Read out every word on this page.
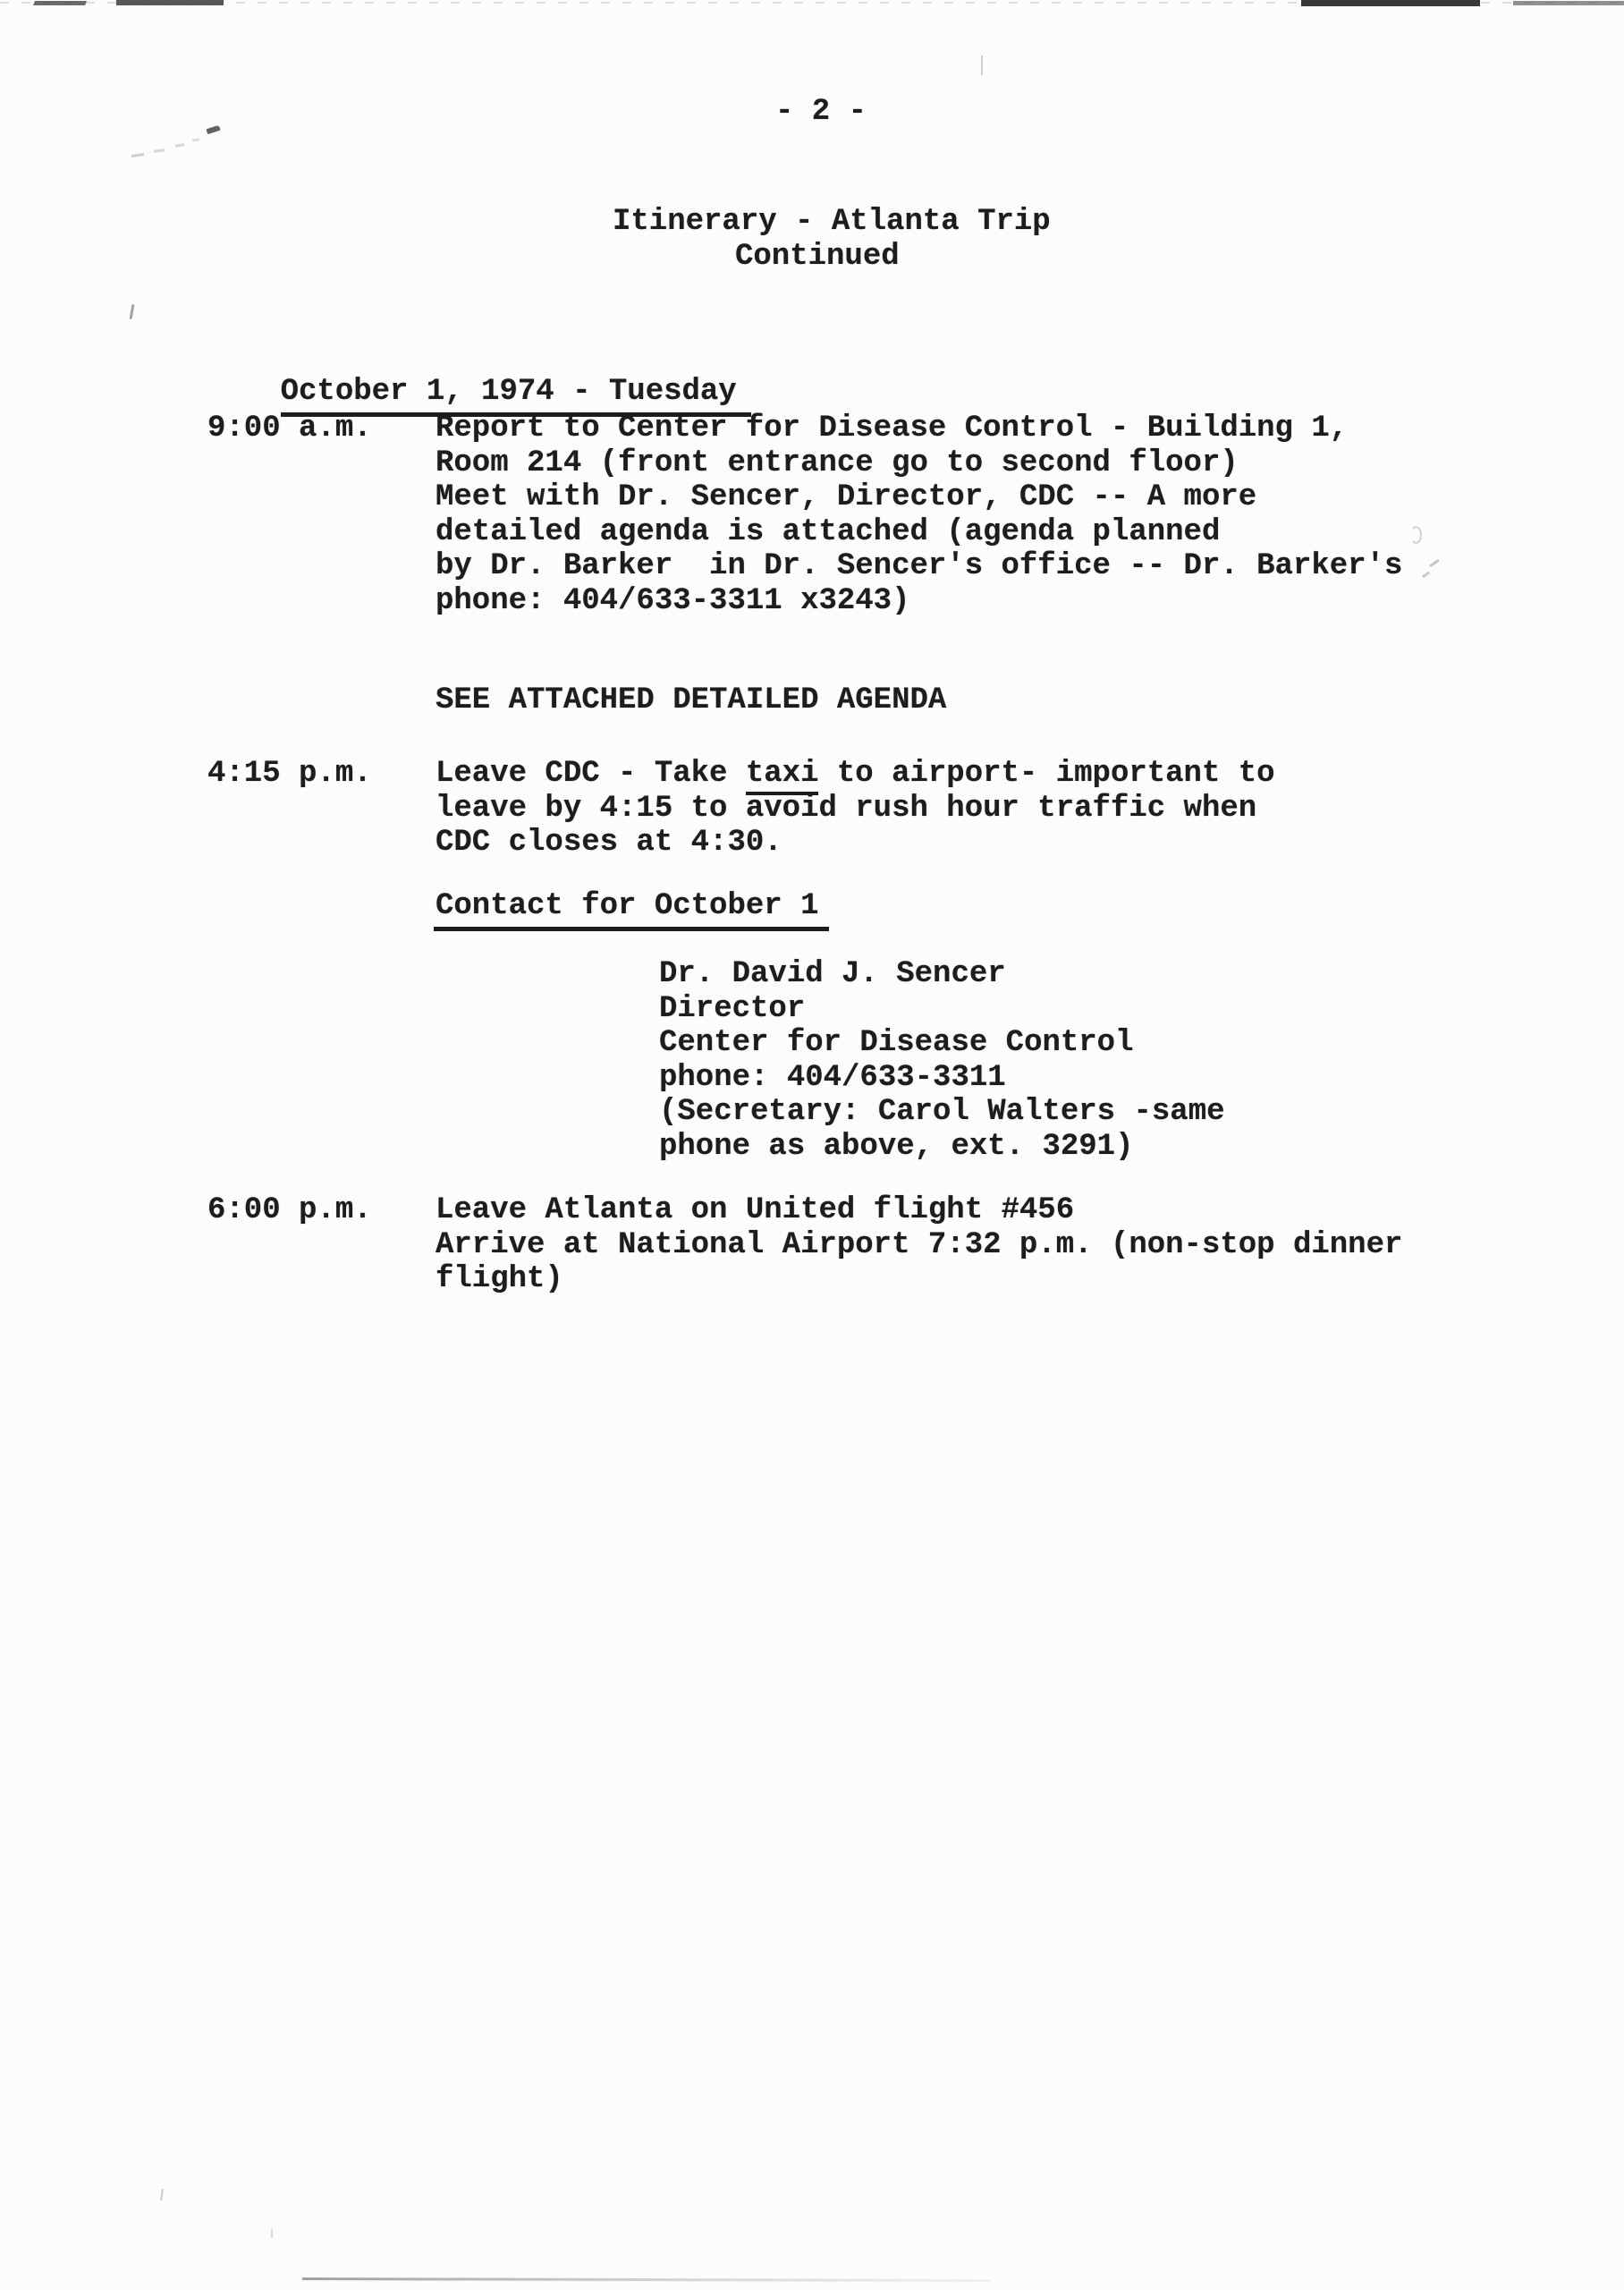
- 2 -
Itinerary - Atlanta Trip
Continued

October 1, 1974 - Tuesday

9:00 a.m. Report to Center for Disease Control - Building 1,
Room 214 (front entrance go to second floor)
Meet with Dr. Sencer, Director, CDC -- A more
detailed agenda is attached (agenda planned
by Dr. Barker  in Dr. Sencer's office -- Dr. Barker's
phone: 404/633-3311 x3243)
SEE ATTACHED DETAILED AGENDA
4:15 p.m. Leave CDC - Take taxi to airport- important to
leave by 4:15 to avoid rush hour traffic when
CDC closes at 4:30.
Contact for October 1
Dr. David J. Sencer
Director
Center for Disease Control
phone: 404/633-3311
(Secretary: Carol Walters -same
phone as above, ext. 3291)
6:00 p.m. Leave Atlanta on United flight #456
Arrive at National Airport 7:32 p.m. (non-stop dinner
flight)
